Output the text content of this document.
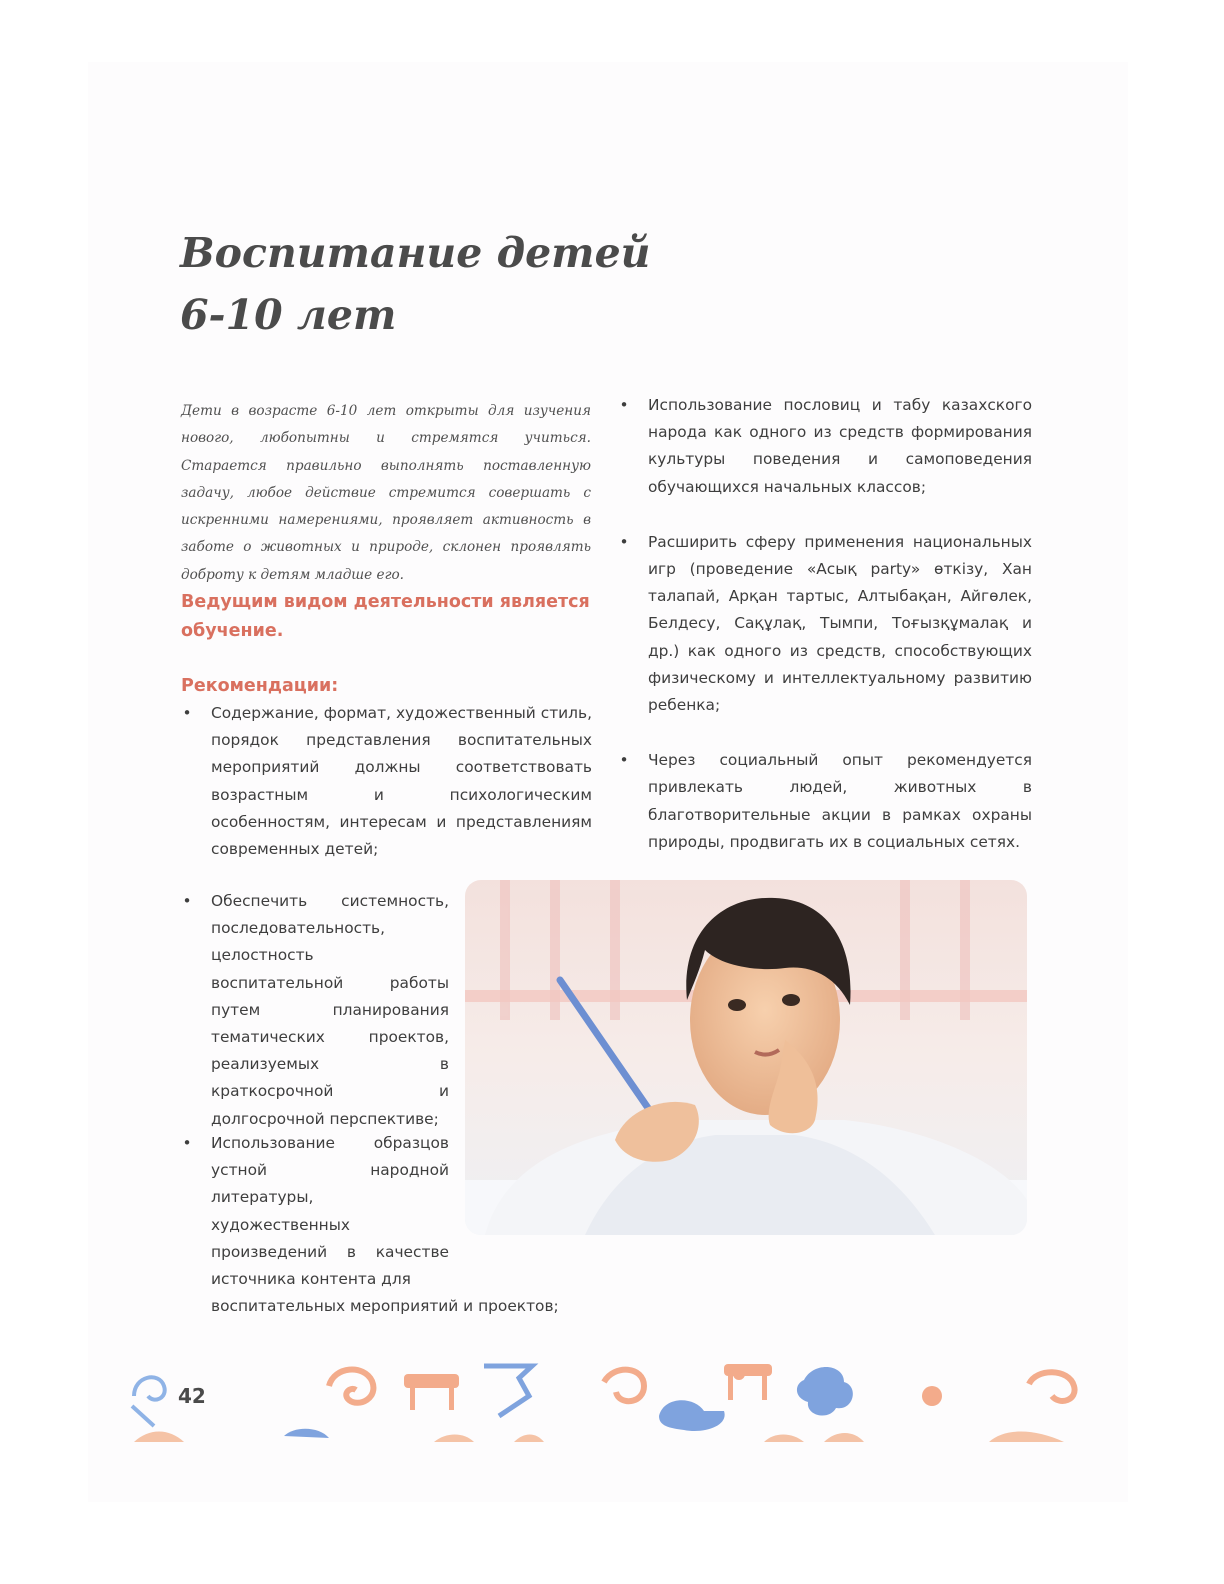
Воспитание детей
6-10 лет

Дети в возрасте 6-10 лет открыты для изучения нового, любопытны и стремятся учиться. Старается правильно выполнять поставленную задачу, любое действие стремится совершать с искренними намерениями, проявляет активность в заботе о животных и природе, склонен проявлять доброту к детям младше его.

Ведущим видом деятельности является обучение.

Рекомендации:
• Содержание, формат, художественный стиль, порядок представления воспитательных мероприятий должны соответствовать возрастным и психологическим особенностям, интересам и представлениям современных детей;
• Обеспечить системность, последовательность, целостность воспитательной работы путем планирования тематических проектов, реализуемых в краткосрочной и долгосрочной перспективе;
• Использование образцов устной народной литературы, художественных произведений в качестве источника контента для
воспитательных мероприятий и проектов;
• Использование пословиц и табу казахского народа как одного из средств формирования культуры поведения и самоповедения обучающихся начальных классов;
• Расширить сферу применения национальных игр (проведение «Асық party» өткізу, Хан талапай, Арқан тартыс, Алтыбақан, Айгөлек, Белдесу, Сақұлақ, Тымпи, Тоғызқұмалақ и др.) как одного из средств, способствующих физическому и интеллектуальному развитию ребенка;
• Через социальный опыт рекомендуется привлекать людей, животных в благотворительные акции в рамках охраны природы, продвигать их в социальных сетях.
42
